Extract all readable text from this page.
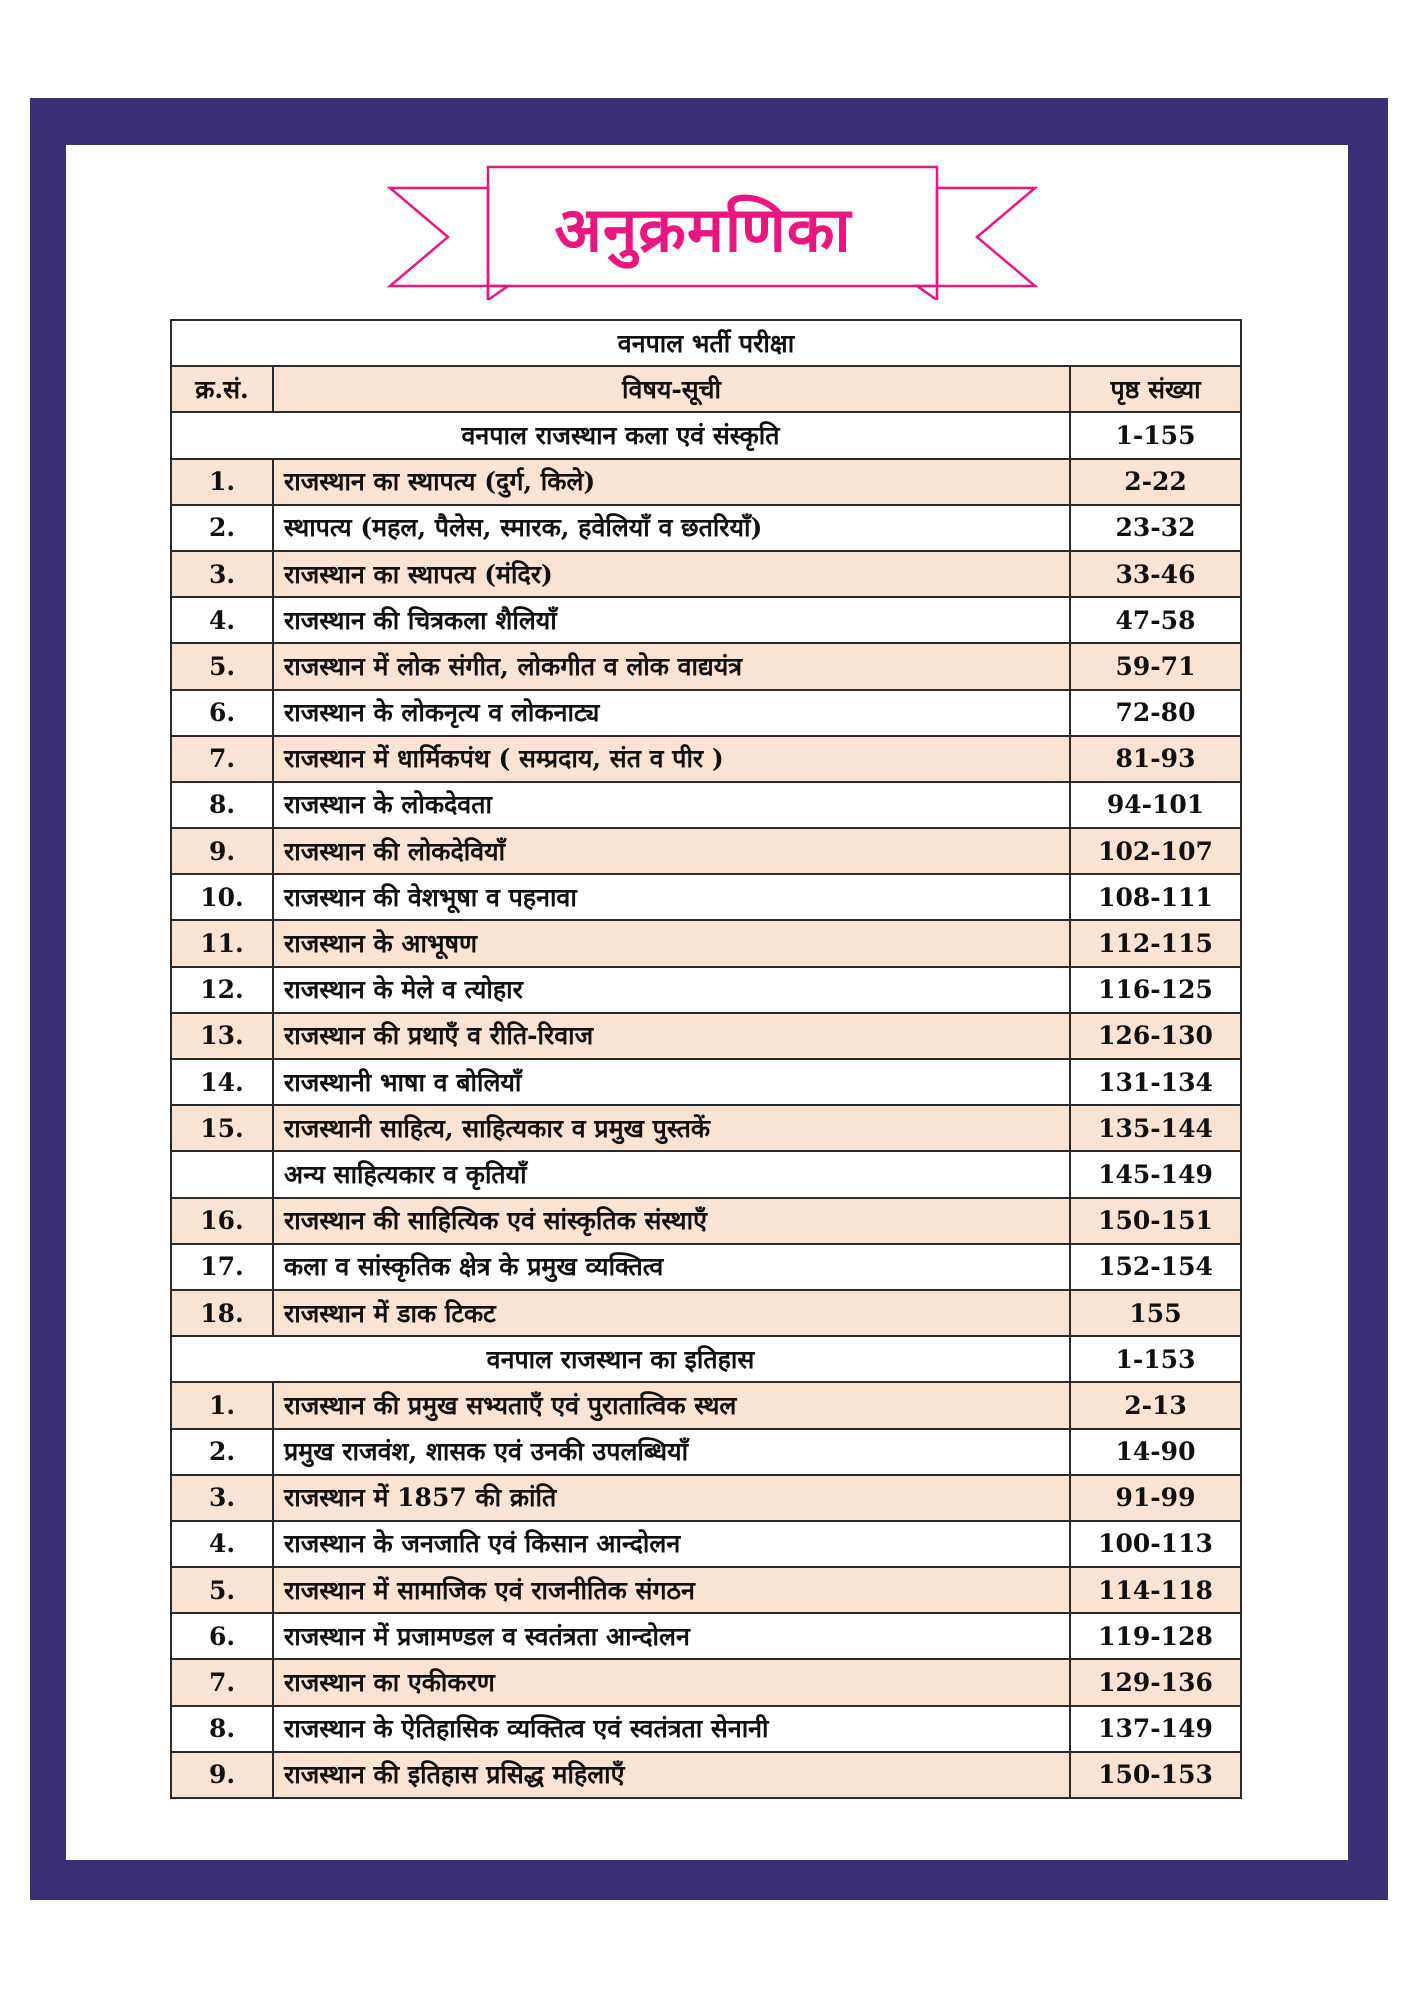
अनुक्रमणिका
वनपाल भर्ती परीक्षा		
क्र.सं.	विषय-सूची	पृष्ठ संख्या
वनपाल राजस्थान कला एवं संस्कृति		1-155
1.	राजस्थान का स्थापत्य (दुर्ग, किले)	2-22
2.	स्थापत्य (महल, पैलेस, स्मारक, हवेलियाँ व छतरियाँ)	23-32
3.	राजस्थान का स्थापत्य (मंदिर)	33-46
4.	राजस्थान की चित्रकला शैलियाँ	47-58
5.	राजस्थान में लोक संगीत, लोकगीत व लोक वाद्ययंत्र	59-71
6.	राजस्थान के लोकनृत्य व लोकनाट्य	72-80
7.	राजस्थान में धार्मिकपंथ ( सम्प्रदाय, संत व पीर )	81-93
8.	राजस्थान के लोकदेवता	94-101
9.	राजस्थान की लोकदेवियाँ	102-107
10.	राजस्थान की वेशभूषा व पहनावा	108-111
11.	राजस्थान के आभूषण	112-115
12.	राजस्थान के मेले व त्योहार	116-125
13.	राजस्थान की प्रथाएँ व रीति-रिवाज	126-130
14.	राजस्थानी भाषा व बोलियाँ	131-134
15.	राजस्थानी साहित्य, साहित्यकार व प्रमुख पुस्तकें	135-144
	अन्य साहित्यकार व कृतियाँ	145-149
16.	राजस्थान की साहित्यिक एवं सांस्कृतिक संस्थाएँ	150-151
17.	कला व सांस्कृतिक क्षेत्र के प्रमुख व्यक्तित्व	152-154
18.	राजस्थान में डाक टिकट	155
वनपाल राजस्थान का इतिहास		1-153
1.	राजस्थान की प्रमुख सभ्यताएँ एवं पुरातात्विक स्थल	2-13
2.	प्रमुख राजवंश, शासक एवं उनकी उपलब्धियाँ	14-90
3.	राजस्थान में 1857 की क्रांति	91-99
4.	राजस्थान के जनजाति एवं किसान आन्दोलन	100-113
5.	राजस्थान में सामाजिक एवं राजनीतिक संगठन	114-118
6.	राजस्थान में प्रजामण्डल व स्वतंत्रता आन्दोलन	119-128
7.	राजस्थान का एकीकरण	129-136
8.	राजस्थान के ऐतिहासिक व्यक्तित्व एवं स्वतंत्रता सेनानी	137-149
9.	राजस्थान की इतिहास प्रसिद्ध महिलाएँ	150-153
